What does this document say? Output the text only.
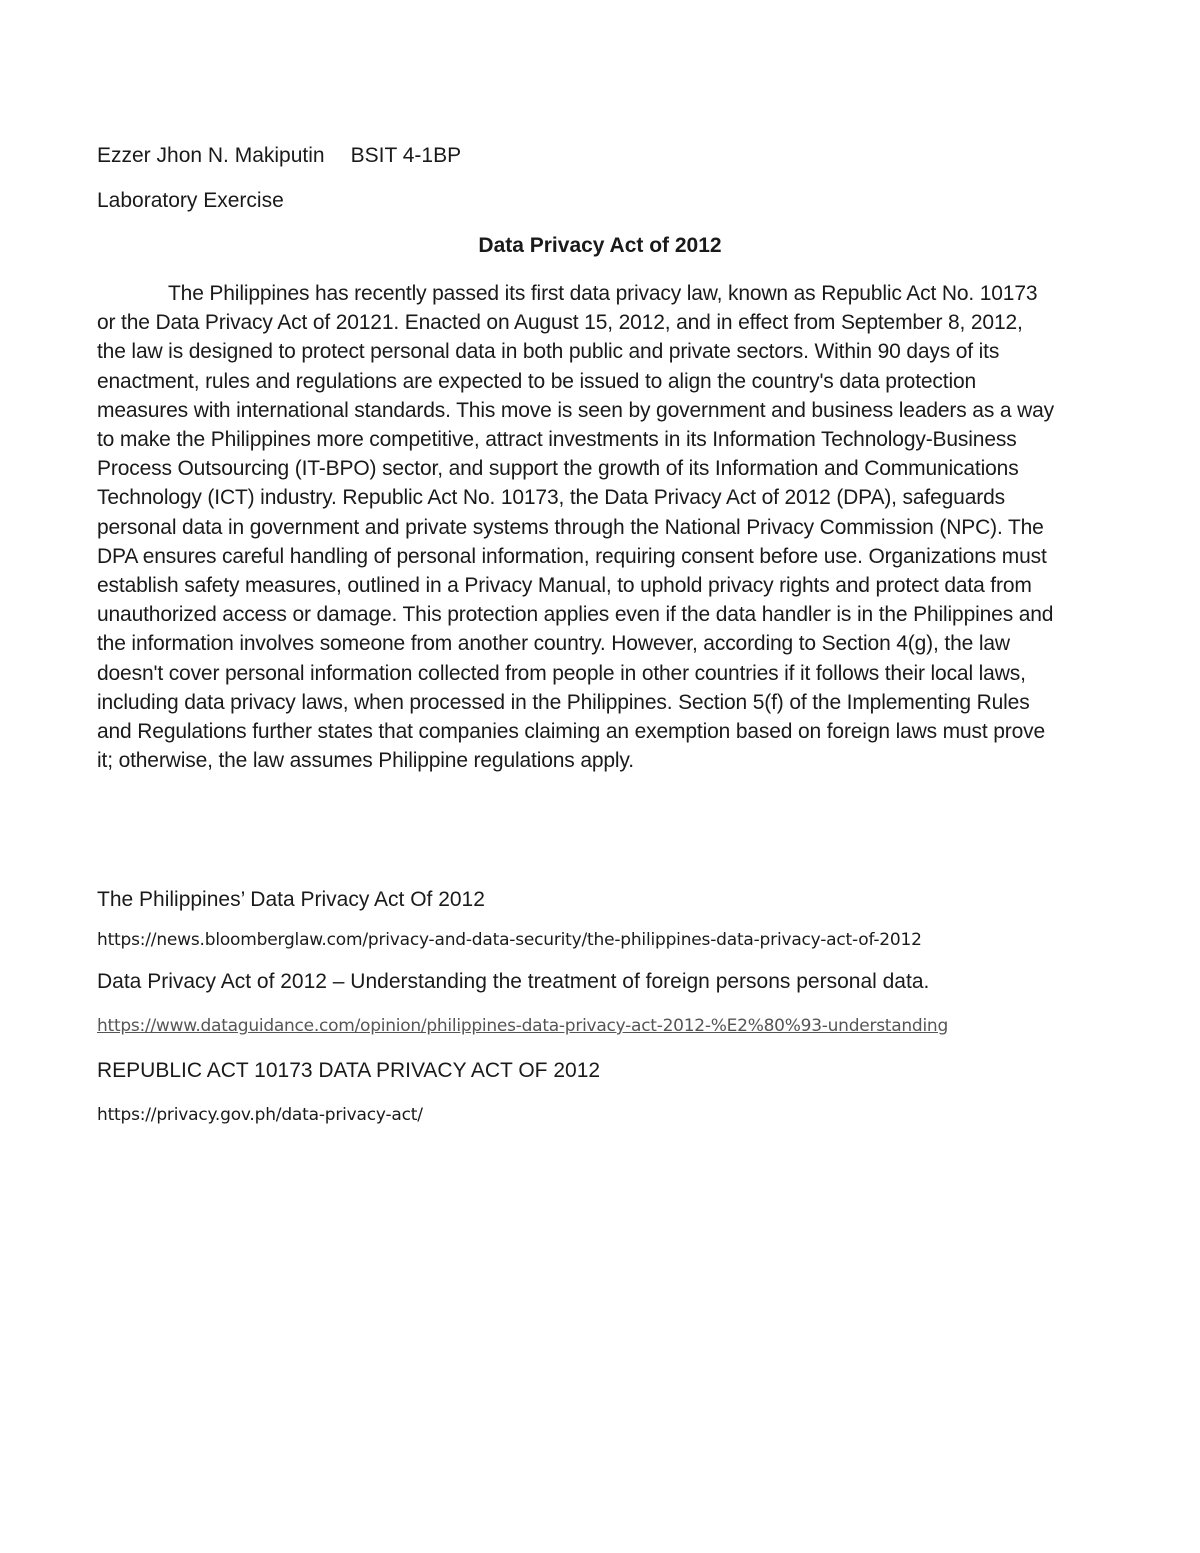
Ezzer Jhon N. Makiputin BSIT 4-1BP
Laboratory Exercise
Data Privacy Act of 2012

The Philippines has recently passed its first data privacy law, known as Republic Act No. 10173 or the Data Privacy Act of 20121. Enacted on August 15, 2012, and in effect from September 8, 2012, the law is designed to protect personal data in both public and private sectors. Within 90 days of its enactment, rules and regulations are expected to be issued to align the country's data protection measures with international standards. This move is seen by government and business leaders as a way to make the Philippines more competitive, attract investments in its Information Technology-Business Process Outsourcing (IT-BPO) sector, and support the growth of its Information and Communications Technology (ICT) industry. Republic Act No. 10173, the Data Privacy Act of 2012 (DPA), safeguards personal data in government and private systems through the National Privacy Commission (NPC). The DPA ensures careful handling of personal information, requiring consent before use. Organizations must establish safety measures, outlined in a Privacy Manual, to uphold privacy rights and protect data from unauthorized access or damage. This protection applies even if the data handler is in the Philippines and the information involves someone from another country. However, according to Section 4(g), the law doesn't cover personal information collected from people in other countries if it follows their local laws, including data privacy laws, when processed in the Philippines. Section 5(f) of the Implementing Rules and Regulations further states that companies claiming an exemption based on foreign laws must prove it; otherwise, the law assumes Philippine regulations apply.

The Philippines’ Data Privacy Act Of 2012
https://news.bloomberglaw.com/privacy-and-data-security/the-philippines-data-privacy-act-of-2012
Data Privacy Act of 2012 – Understanding the treatment of foreign persons personal data.
https://www.dataguidance.com/opinion/philippines-data-privacy-act-2012-%E2%80%93-understanding
REPUBLIC ACT 10173 DATA PRIVACY ACT OF 2012
https://privacy.gov.ph/data-privacy-act/
